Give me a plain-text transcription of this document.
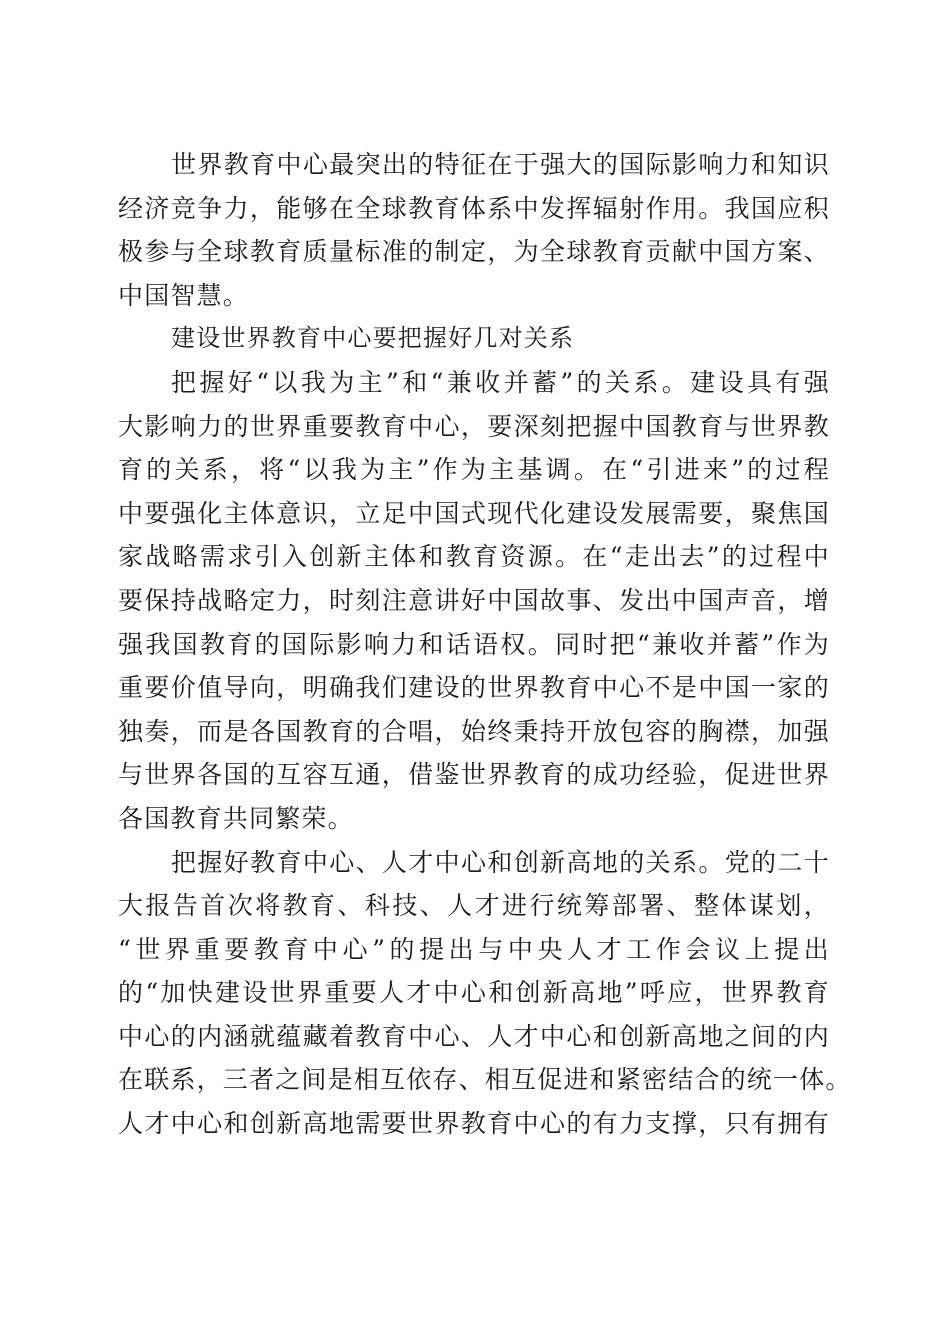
世界教育中心最突出的特征在于强大的国际影响力和知识
经济竞争力，能够在全球教育体系中发挥辐射作用。我国应积
极参与全球教育质量标准的制定，为全球教育贡献中国方案、
中国智慧。
建设世界教育中心要把握好几对关系
把握好“以我为主”和“兼收并蓄”的关系。建设具有强
大影响力的世界重要教育中心，要深刻把握中国教育与世界教
育的关系，将“以我为主”作为主基调。在“引进来”的过程
中要强化主体意识，立足中国式现代化建设发展需要，聚焦国
家战略需求引入创新主体和教育资源。在“走出去”的过程中
要保持战略定力，时刻注意讲好中国故事、发出中国声音，增
强我国教育的国际影响力和话语权。同时把“兼收并蓄”作为
重要价值导向，明确我们建设的世界教育中心不是中国一家的
独奏，而是各国教育的合唱，始终秉持开放包容的胸襟，加强
与世界各国的互容互通，借鉴世界教育的成功经验，促进世界
各国教育共同繁荣。
把握好教育中心、人才中心和创新高地的关系。党的二十
大报告首次将教育、科技、人才进行统筹部署、整体谋划，
“世界重要教育中心”的提出与中央人才工作会议上提出
的“加快建设世界重要人才中心和创新高地”呼应，世界教育
中心的内涵就蕴藏着教育中心、人才中心和创新高地之间的内
在联系，三者之间是相互依存、相互促进和紧密结合的统一体。
人才中心和创新高地需要世界教育中心的有力支撑，只有拥有
